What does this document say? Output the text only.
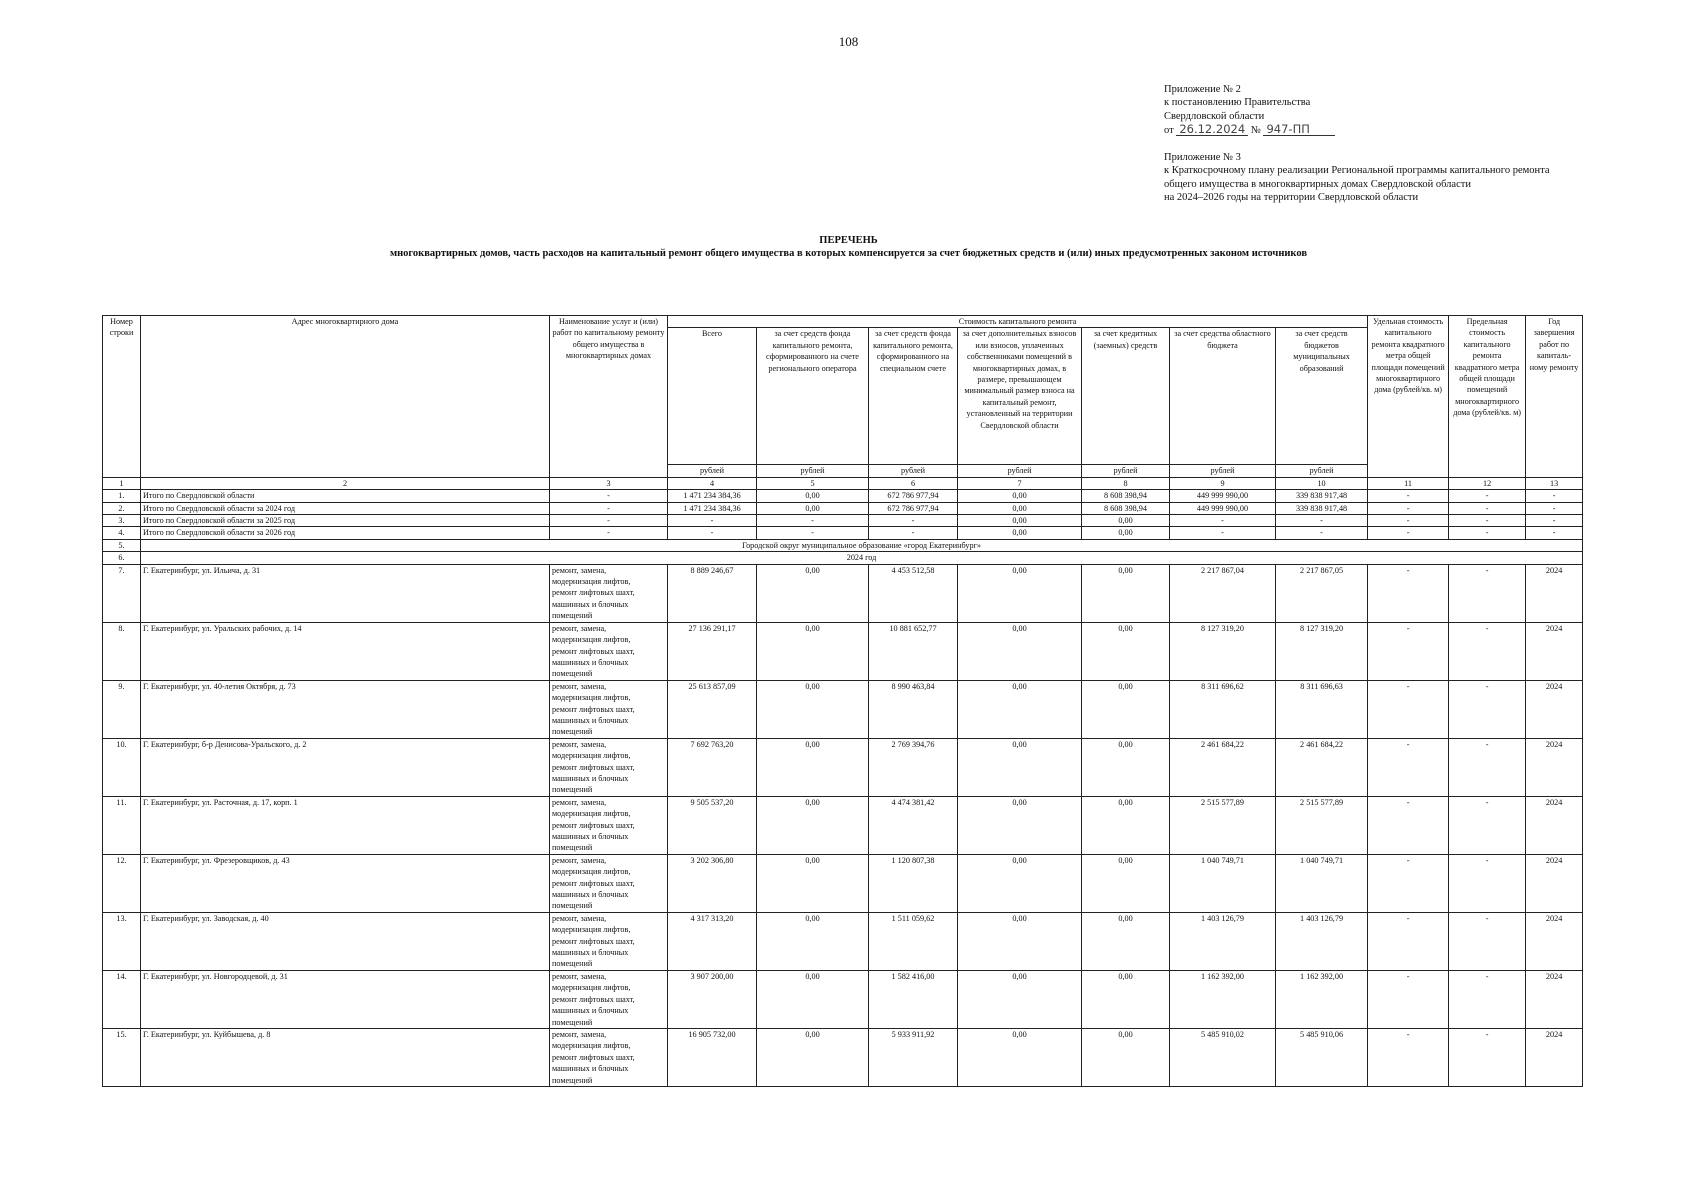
108
Приложение № 2
к постановлению Правительства
Свердловской области
от 26.12.2024 № 947-ПП
Приложение № 3
к Краткосрочному плану реализации Региональной программы капитального ремонта
общего имущества в многоквартирных домах Свердловской области
на 2024–2026 годы на территории Свердловской области
ПЕРЕЧЕНЬ
многоквартирных домов, часть расходов на капитальный ремонт общего имущества в которых компенсируется за счет бюджетных средств и (или) иных предусмотренных законом источников
Номер строки	Адрес многоквартирного дома	Наименование услуг и (или) работ по капитальному ремонту общего имущества в многоквартирных домах	Стоимость капитального ремонта							Удельная стоимость капитального ремонта квадратного метра общей площади помещений многоквартирного дома (рублей/кв. м)	Предельная стоимость капитального ремонта квадратного метра общей площади помещений многоквартирного дома (рублей/кв. м)	Год завершения работ по капиталь- ному ремонту
			Всего	за счет средств фонда капитального ремонта, сформированного на счете регионального оператора	за счет средств фонда капитального ремонта, сформированного на специальном счете	за счет дополнительных взносов или взносов, уплаченных собственниками помещений в многоквартирных домах, в размере, превышающем минимальный размер взноса на капитальный ремонт, установленный на территории Свердловской области	за счет кредитных (заемных) средств	за счет средства областного бюджета	за счет средств бюджетов муниципальных образований			
			рублей	рублей	рублей	рублей	рублей	рублей	рублей			
1	2	3	4	5	6	7	8	9	10	11	12	13
1.	Итого по Свердловской области	-	1 471 234 384,36	0,00	672 786 977,94	0,00	8 608 398,94	449 999 990,00	339 838 917,48	-	-	-
2.	Итого по Свердловской области за 2024 год	-	1 471 234 384,36	0,00	672 786 977,94	0,00	8 608 398,94	449 999 990,00	339 838 917,48	-	-	-
3.	Итого по Свердловской области за 2025 год	-	-	-	-	0,00	0,00	-	-	-	-	-
4.	Итого по Свердловской области за 2026 год	-	-	-	-	0,00	0,00	-	-	-	-	-
5.	Городской округ муниципальное образование «город Екатеринбург»											
6.	2024 год											
7.	Г. Екатеринбург, ул. Ильича, д. 31	ремонт, замена,
модернизация лифтов,
ремонт лифтовых шахт,
машинных и блочных
помещений	8 889 246,67	0,00	4 453 512,58	0,00	0,00	2 217 867,04	2 217 867,05	-	-	2024
8.	Г. Екатеринбург, ул. Уральских рабочих, д. 14	ремонт, замена,
модернизация лифтов,
ремонт лифтовых шахт,
машинных и блочных
помещений	27 136 291,17	0,00	10 881 652,77	0,00	0,00	8 127 319,20	8 127 319,20	-	-	2024
9.	Г. Екатеринбург, ул. 40-летия Октября, д. 73	ремонт, замена,
модернизация лифтов,
ремонт лифтовых шахт,
машинных и блочных
помещений	25 613 857,09	0,00	8 990 463,84	0,00	0,00	8 311 696,62	8 311 696,63	-	-	2024
10.	Г. Екатеринбург, б-р Денисова-Уральского, д. 2	ремонт, замена,
модернизация лифтов,
ремонт лифтовых шахт,
машинных и блочных
помещений	7 692 763,20	0,00	2 769 394,76	0,00	0,00	2 461 684,22	2 461 684,22	-	-	2024
11.	Г. Екатеринбург, ул. Расточная, д. 17, корп. 1	ремонт, замена,
модернизация лифтов,
ремонт лифтовых шахт,
машинных и блочных
помещений	9 505 537,20	0,00	4 474 381,42	0,00	0,00	2 515 577,89	2 515 577,89	-	-	2024
12.	Г. Екатеринбург, ул. Фрезеровщиков, д. 43	ремонт, замена,
модернизация лифтов,
ремонт лифтовых шахт,
машинных и блочных
помещений	3 202 306,80	0,00	1 120 807,38	0,00	0,00	1 040 749,71	1 040 749,71	-	-	2024
13.	Г. Екатеринбург, ул. Заводская, д. 40	ремонт, замена,
модернизация лифтов,
ремонт лифтовых шахт,
машинных и блочных
помещений	4 317 313,20	0,00	1 511 059,62	0,00	0,00	1 403 126,79	1 403 126,79	-	-	2024
14.	Г. Екатеринбург, ул. Новгородцевой, д. 31	ремонт, замена,
модернизация лифтов,
ремонт лифтовых шахт,
машинных и блочных
помещений	3 907 200,00	0,00	1 582 416,00	0,00	0,00	1 162 392,00	1 162 392,00	-	-	2024
15.	Г. Екатеринбург, ул. Куйбышева, д. 8	ремонт, замена,
модернизация лифтов,
ремонт лифтовых шахт,
машинных и блочных
помещений	16 905 732,00	0,00	5 933 911,92	0,00	0,00	5 485 910,02	5 485 910,06	-	-	2024
